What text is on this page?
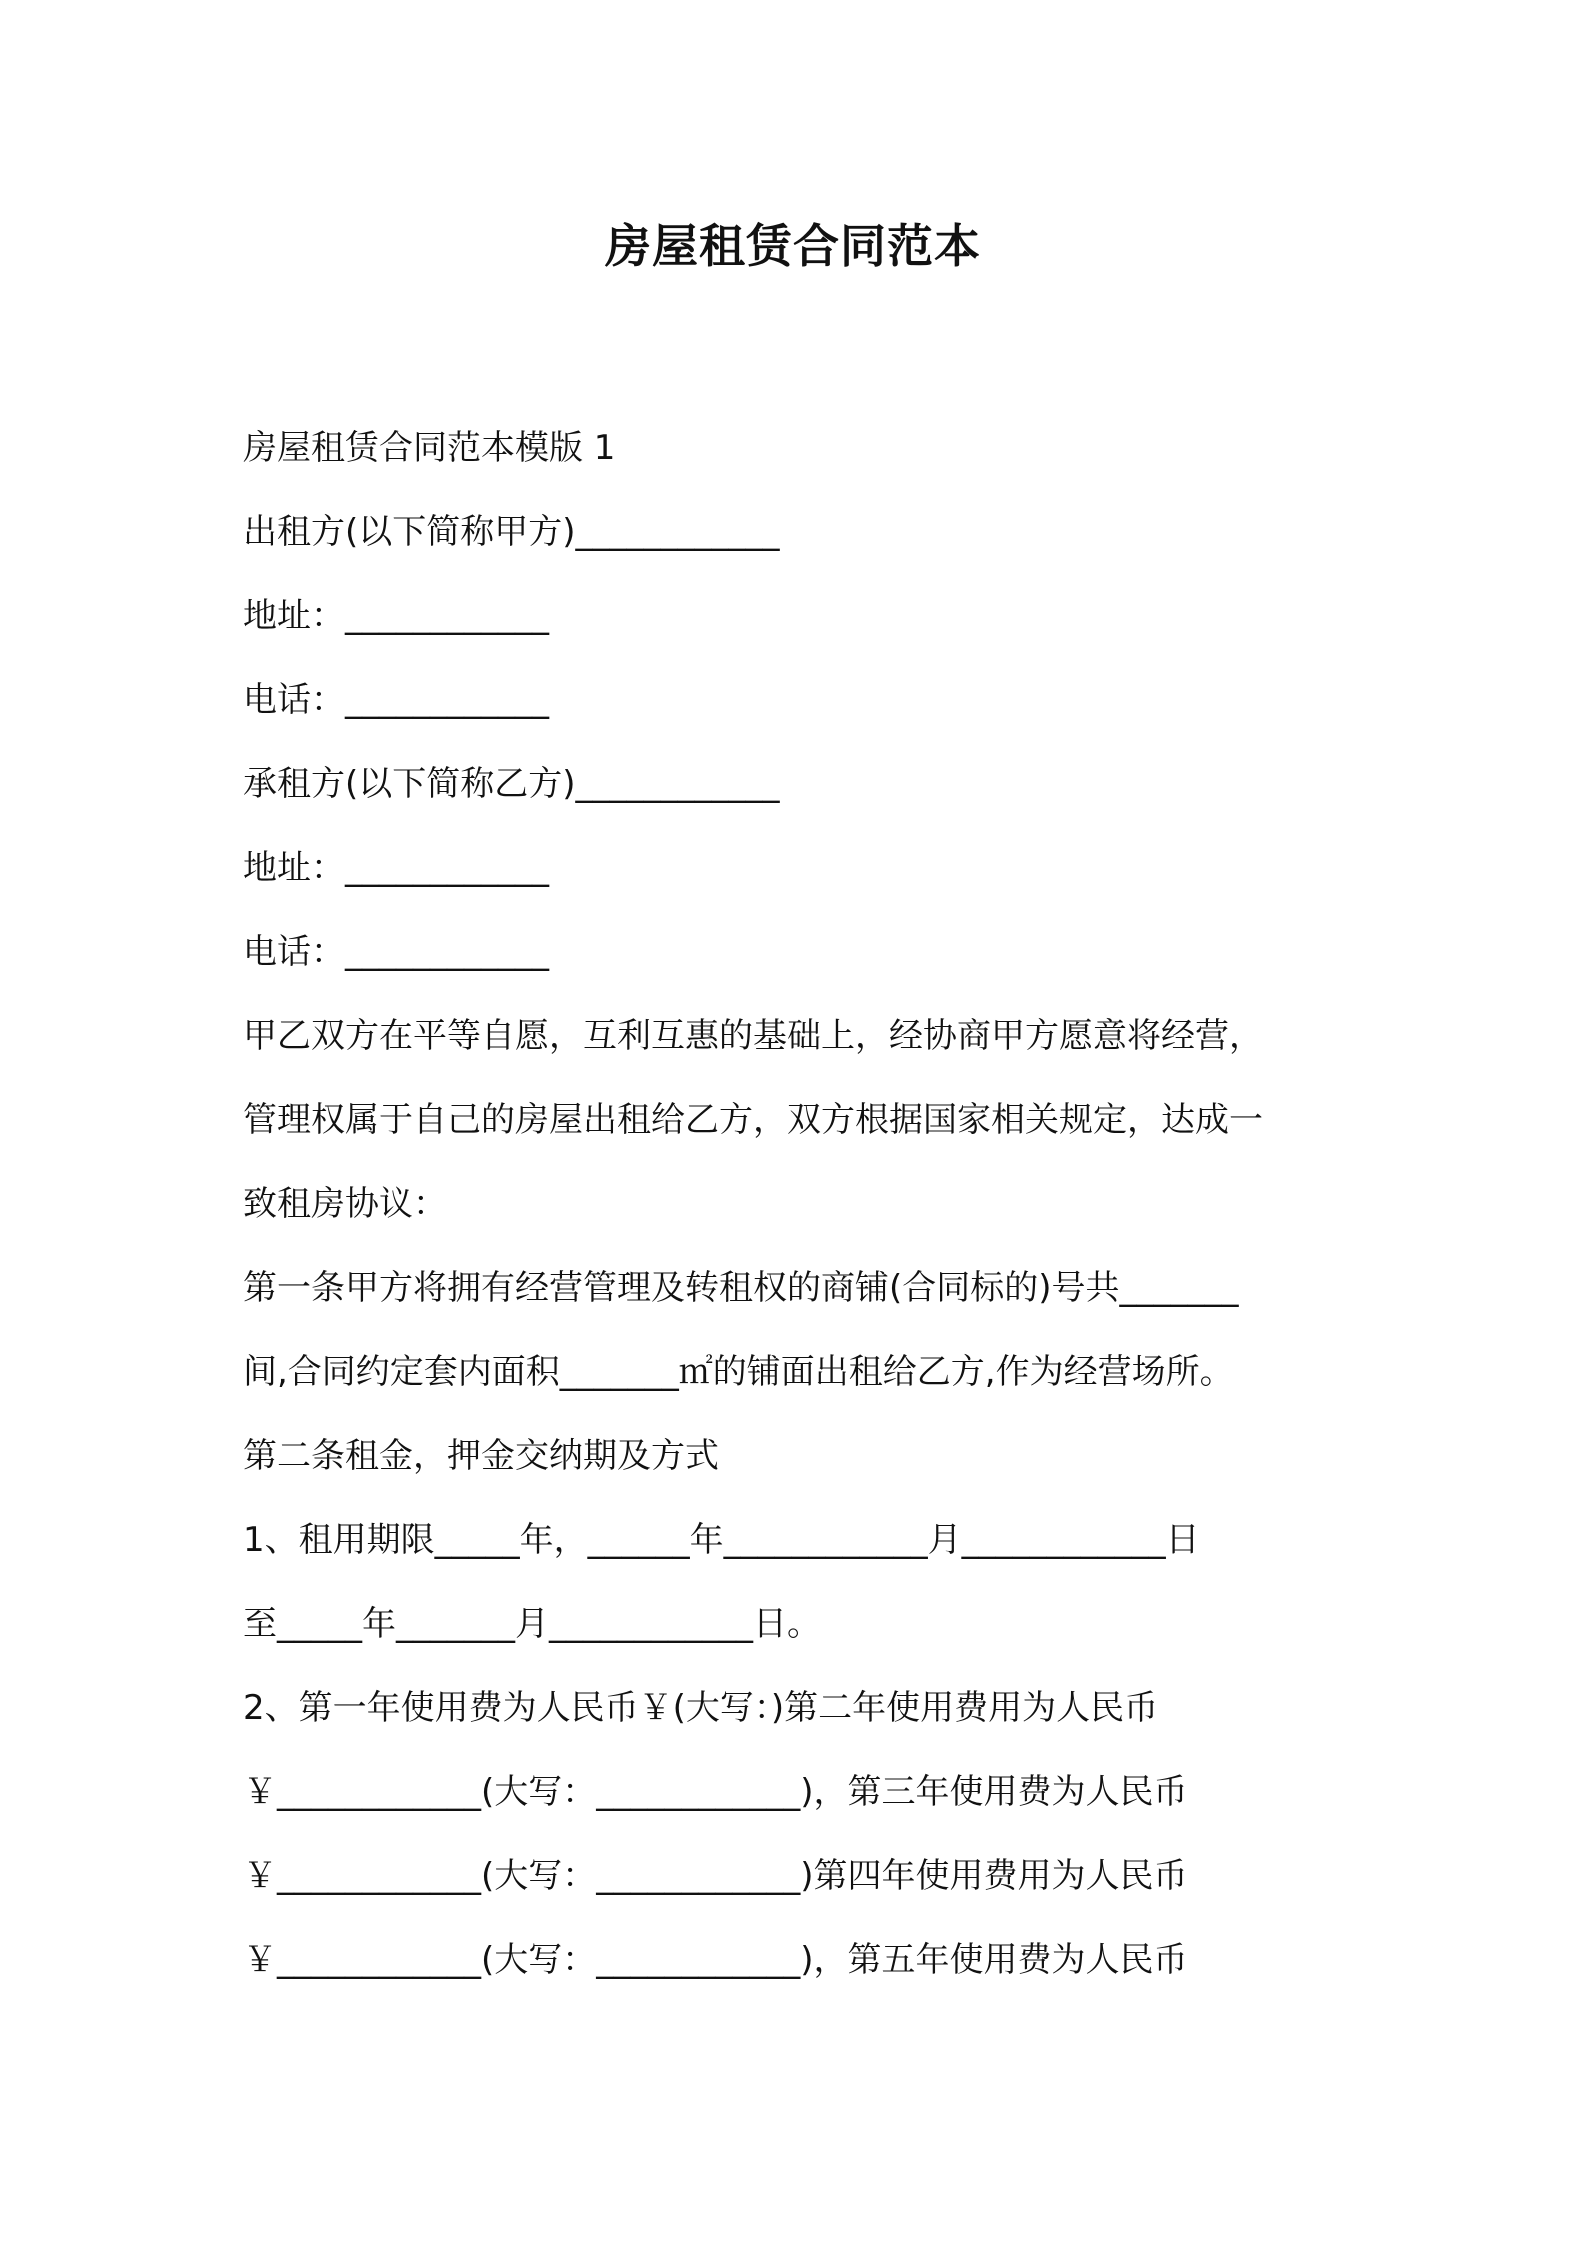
房屋租赁合同范本
房屋租赁合同范本模版 1
出租方(以下简称甲方)____________
地址：____________
电话：____________
承租方(以下简称乙方)____________
地址：____________
电话：____________
甲乙双方在平等自愿，互利互惠的基础上，经协商甲方愿意将经营，
管理权属于自己的房屋出租给乙方，双方根据国家相关规定，达成一
致租房协议：
第一条甲方将拥有经营管理及转租权的商铺(合同标的)号共_______
间,合同约定套内面积_______㎡的铺面出租给乙方,作为经营场所。
第二条租金，押金交纳期及方式
1、租用期限_____年，______年____________月____________日
至_____年_______月____________日。
2、第一年使用费为人民币￥(大写：)第二年使用费用为人民币
￥____________(大写：____________)，第三年使用费为人民币
￥____________(大写：____________)第四年使用费用为人民币
￥____________(大写：____________)，第五年使用费为人民币
